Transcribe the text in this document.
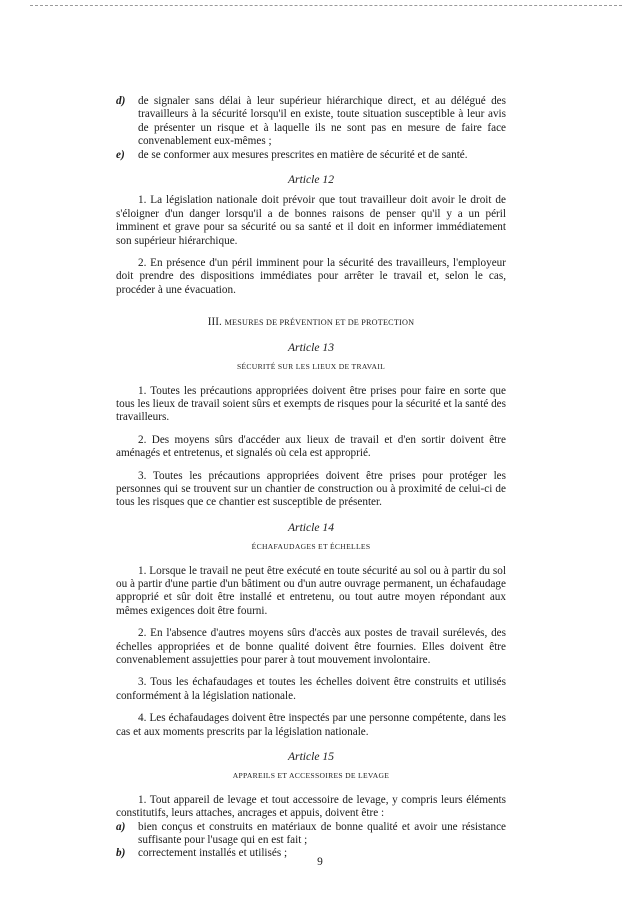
d)	de signaler sans délai à leur supérieur hiérarchique direct, et au délégué des travailleurs à la sécurité lorsqu'il en existe, toute situation susceptible à leur avis de présenter un risque et à laquelle ils ne sont pas en mesure de faire face convenablement eux-mêmes ;
e)	de se conformer aux mesures prescrites en matière de sécurité et de santé.
Article 12

1. La législation nationale doit prévoir que tout travailleur doit avoir le droit de s'éloigner d'un danger lorsqu'il a de bonnes raisons de penser qu'il y a un péril imminent et grave pour sa sécurité ou sa santé et il doit en informer immédiatement son supérieur hiérarchique.

2. En présence d'un péril imminent pour la sécurité des travailleurs, l'employeur doit prendre des dispositions immédiates pour arrêter le travail et, selon le cas, procéder à une évacuation.

III. MESURES DE PRÉVENTION ET DE PROTECTION
Article 13
SÉCURITÉ SUR LES LIEUX DE TRAVAIL

1. Toutes les précautions appropriées doivent être prises pour faire en sorte que tous les lieux de travail soient sûrs et exempts de risques pour la sécurité et la santé des travailleurs.

2. Des moyens sûrs d'accéder aux lieux de travail et d'en sortir doivent être aménagés et entretenus, et signalés où cela est approprié.

3. Toutes les précautions appropriées doivent être prises pour protéger les personnes qui se trouvent sur un chantier de construction ou à proximité de celui-ci de tous les risques que ce chantier est susceptible de présenter.

Article 14
ÉCHAFAUDAGES ET ÉCHELLES

1. Lorsque le travail ne peut être exécuté en toute sécurité au sol ou à partir du sol ou à partir d'une partie d'un bâtiment ou d'un autre ouvrage permanent, un échafaudage approprié et sûr doit être installé et entretenu, ou tout autre moyen répondant aux mêmes exigences doit être fourni.

2. En l'absence d'autres moyens sûrs d'accès aux postes de travail surélevés, des échelles appropriées et de bonne qualité doivent être fournies. Elles doivent être convenablement assujetties pour parer à tout mouvement involontaire.

3. Tous les échafaudages et toutes les échelles doivent être construits et utilisés conformément à la législation nationale.

4. Les échafaudages doivent être inspectés par une personne compétente, dans les cas et aux moments prescrits par la législation nationale.

Article 15
APPAREILS ET ACCESSOIRES DE LEVAGE

1. Tout appareil de levage et tout accessoire de levage, y compris leurs éléments constitutifs, leurs attaches, ancrages et appuis, doivent être :

a)	bien conçus et construits en matériaux de bonne qualité et avoir une résistance suffisante pour l'usage qui en est fait ;
b)	correctement installés et utilisés ;
9
